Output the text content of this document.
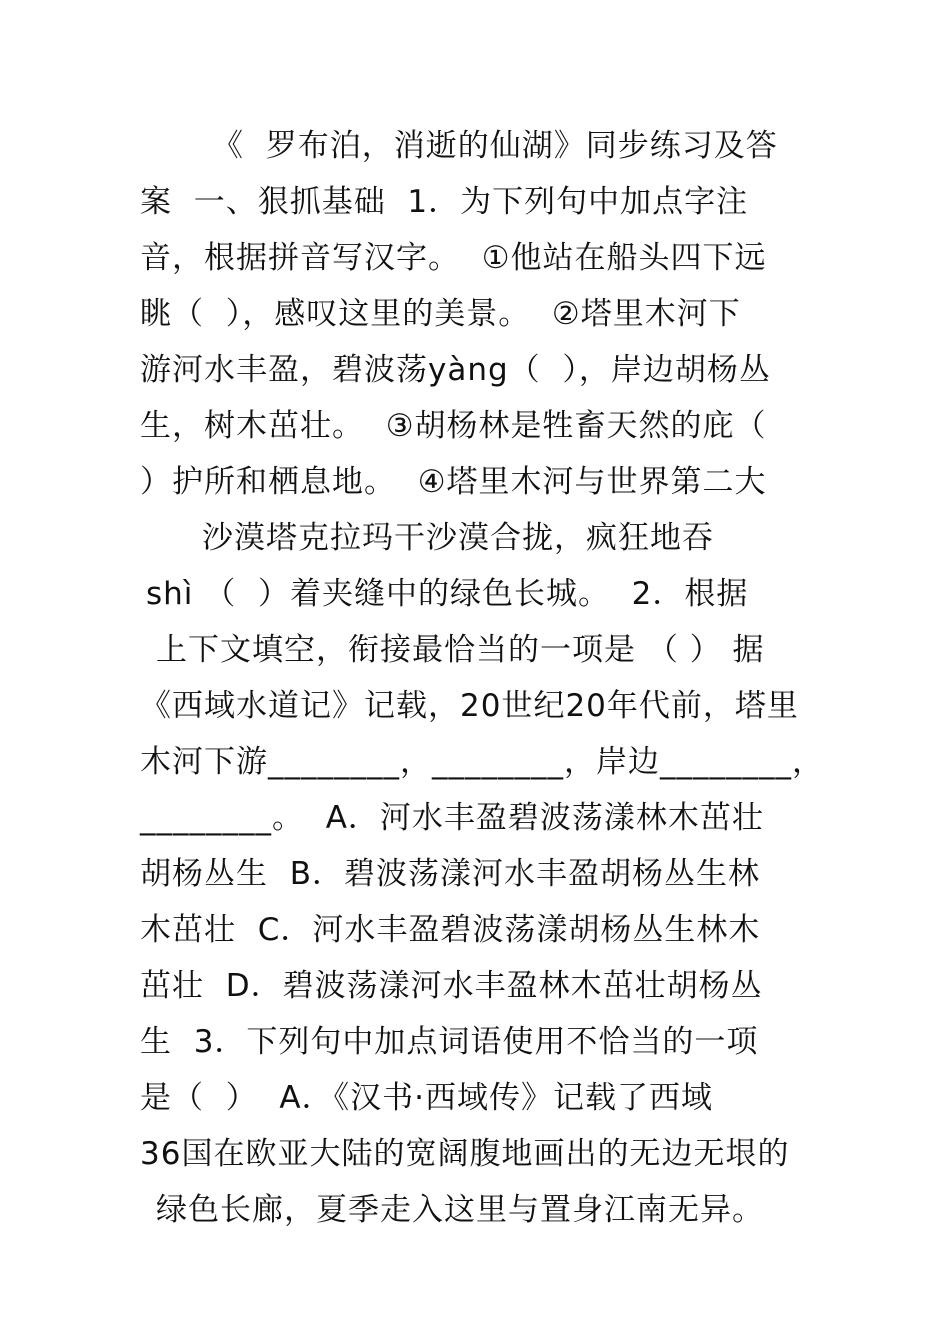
《  罗布泊，消逝的仙湖》同步练习及答
案  一、狠抓基础  1．为下列句中加点字注
音，根据拼音写汉字。  ①他站在船头四下远
眺（  ），感叹这里的美景。  ②塔里木河下
游河水丰盈，碧波荡yàng（  ），岸边胡杨丛
生，树木茁壮。  ③胡杨林是牲畜天然的庇（
）护所和栖息地。  ④塔里木河与世界第二大
沙漠塔克拉玛干沙漠合拢，疯狂地吞
shì （  ）着夹缝中的绿色长城。  2．根据
上下文填空，衔接最恰当的一项是 （ ） 据
《西域水道记》记载，20世纪20年代前，塔里
木河下游________，________，岸边________，
________。  A．河水丰盈碧波荡漾林木茁壮
胡杨丛生  B．碧波荡漾河水丰盈胡杨丛生林
木茁壮  C．河水丰盈碧波荡漾胡杨丛生林木
茁壮  D．碧波荡漾河水丰盈林木茁壮胡杨丛
生  3．下列句中加点词语使用不恰当的一项
是（  ）  A．《汉书·西域传》记载了西域
36国在欧亚大陆的宽阔腹地画出的无边无垠的
绿色长廊，夏季走入这里与置身江南无异。
